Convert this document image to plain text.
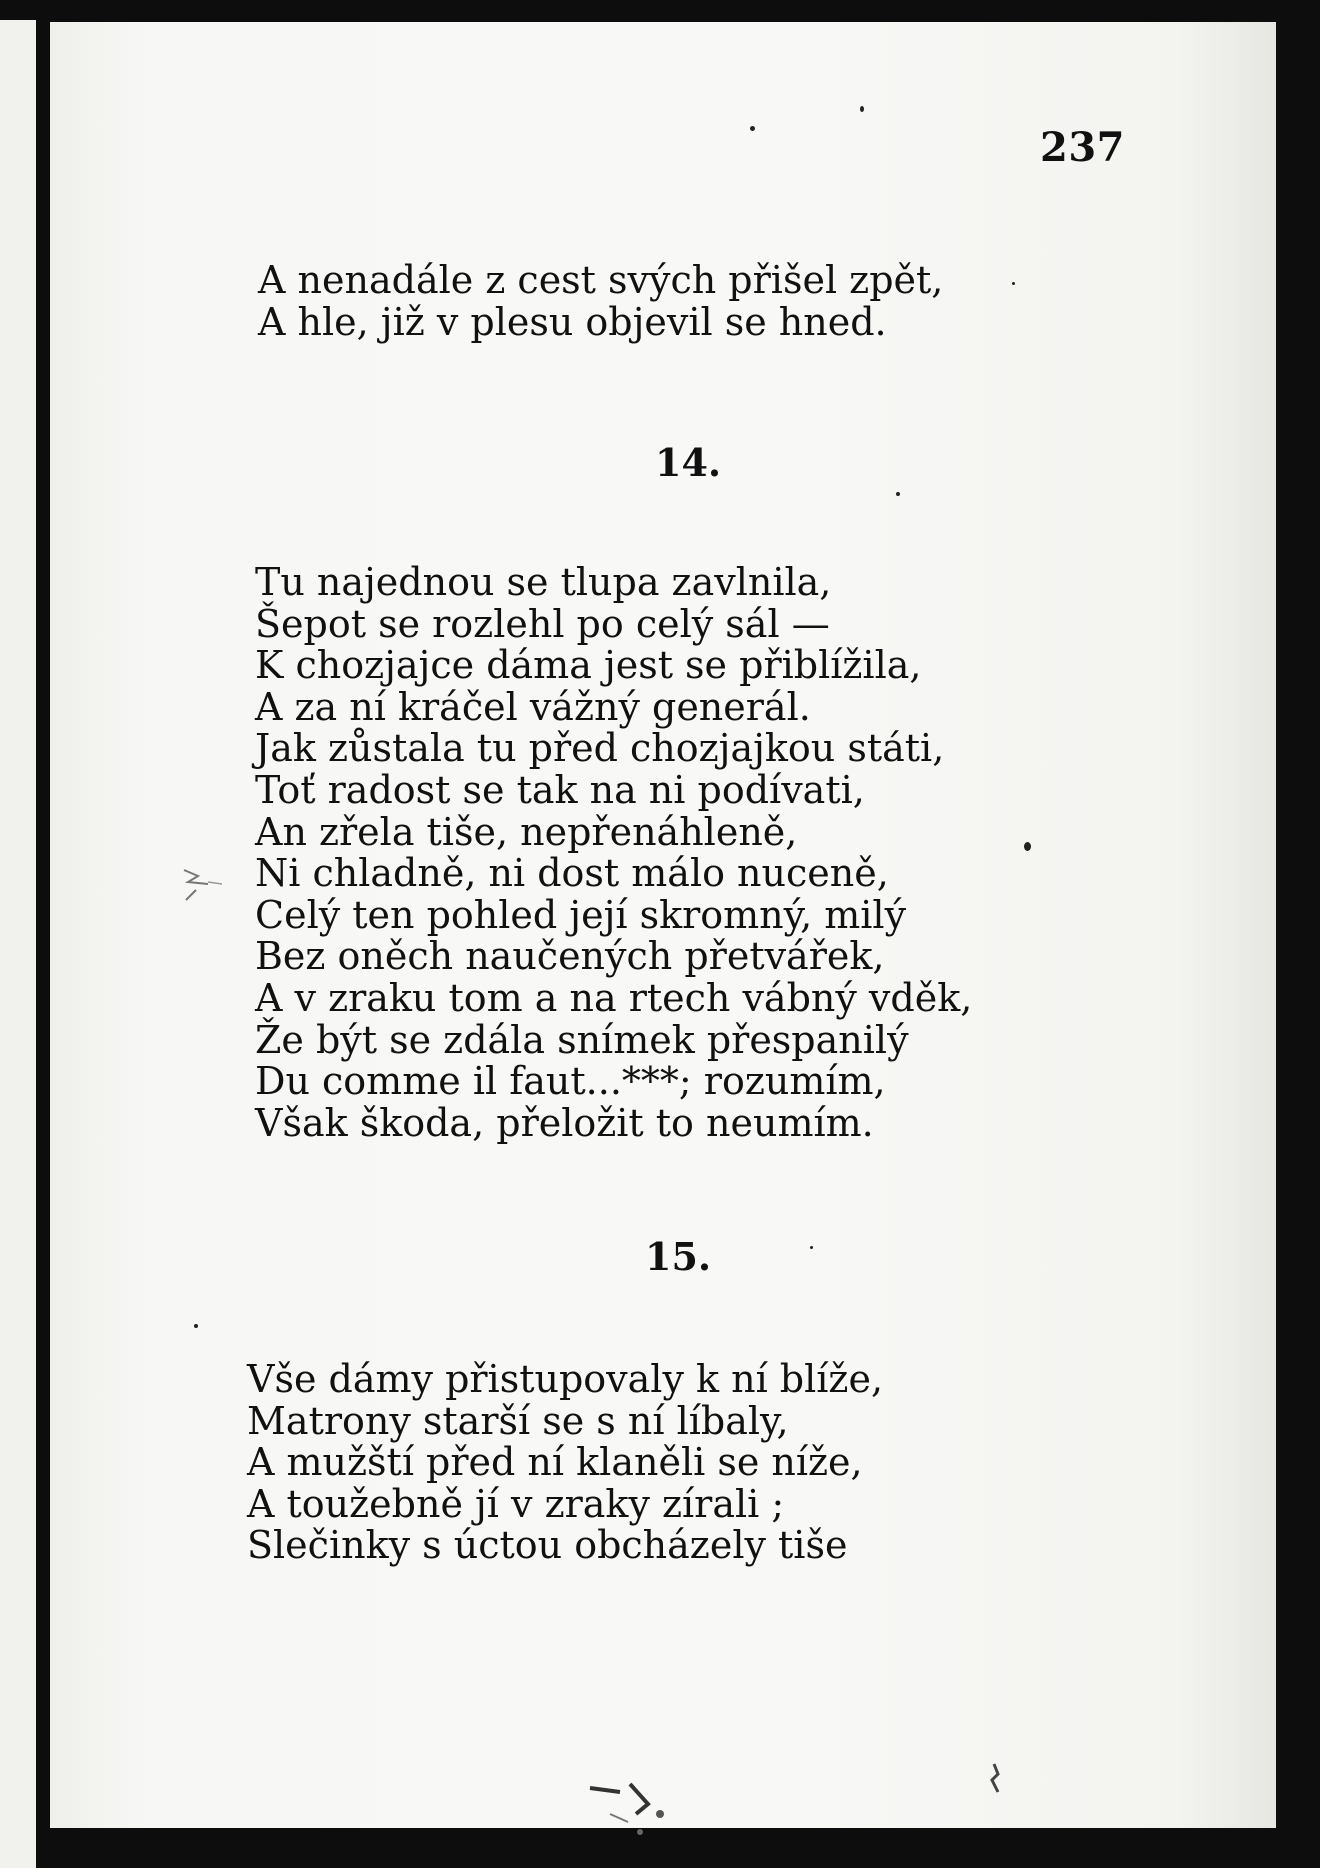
237
A nenadále z cest svých přišel zpět,
A hle, již v plesu objevil se hned.
14.
Tu najednou se tlupa zavlnila,
Šepot se rozlehl po celý sál —
K chozjajce dáma jest se přiblížila,
A za ní kráčel vážný generál.
Jak zůstala tu před chozjajkou státi,
Toť radost se tak na ni podívati,
An zřela tiše, nepřenáhleně,
Ni chladně, ni dost málo nuceně,
Celý ten pohled její skromný, milý
Bez oněch naučených přetvářek,
A v zraku tom a na rtech vábný vděk,
Že být se zdála snímek přespanilý
Du comme il faut...***; rozumím,
Však škoda, přeložit to neumím.
15.
Vše dámy přistupovaly k ní blíže,
Matrony starší se s ní líbaly,
A mužští před ní klaněli se níže,
A toužebně jí v zraky zírali ;
Slečinky s úctou obcházely tiše
